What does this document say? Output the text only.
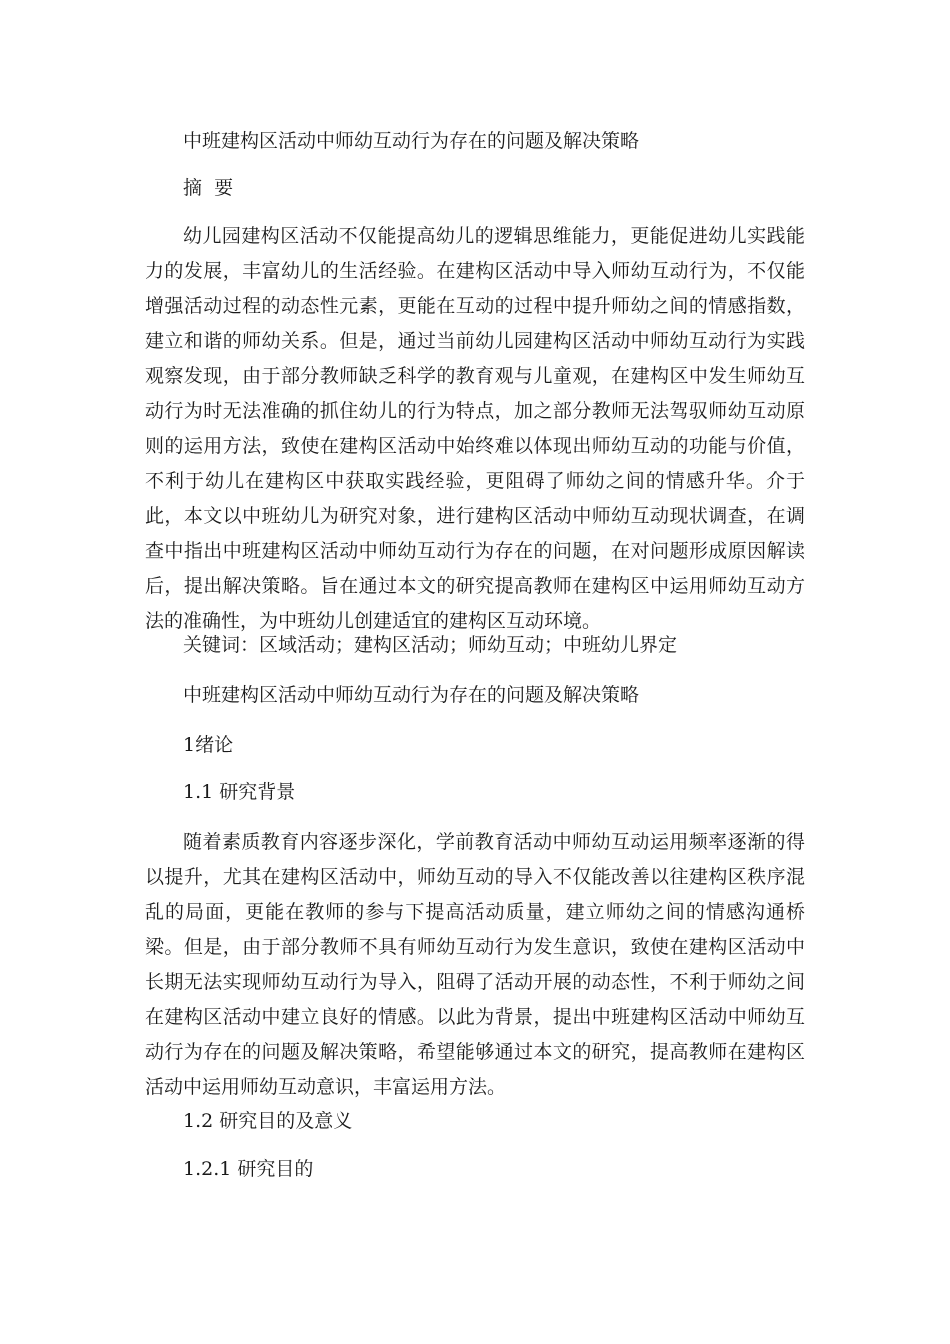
中班建构区活动中师幼互动行为存在的问题及解决策略
摘  要

幼儿园建构区活动不仅能提高幼儿的逻辑思维能力，更能促进幼儿实践能力的发展，丰富幼儿的生活经验。在建构区活动中导入师幼互动行为，不仅能增强活动过程的动态性元素，更能在互动的过程中提升师幼之间的情感指数，建立和谐的师幼关系。但是，通过当前幼儿园建构区活动中师幼互动行为实践观察发现，由于部分教师缺乏科学的教育观与儿童观，在建构区中发生师幼互动行为时无法准确的抓住幼儿的行为特点，加之部分教师无法驾驭师幼互动原则的运用方法，致使在建构区活动中始终难以体现出师幼互动的功能与价值，不利于幼儿在建构区中获取实践经验，更阻碍了师幼之间的情感升华。介于此，本文以中班幼儿为研究对象，进行建构区活动中师幼互动现状调查，在调查中指出中班建构区活动中师幼互动行为存在的问题，在对问题形成原因解读后，提出解决策略。旨在通过本文的研究提高教师在建构区中运用师幼互动方法的准确性，为中班幼儿创建适宜的建构区互动环境。

关键词：区域活动；建构区活动；师幼互动；中班幼儿界定
中班建构区活动中师幼互动行为存在的问题及解决策略
1绪论
1.1 研究背景

随着素质教育内容逐步深化，学前教育活动中师幼互动运用频率逐渐的得以提升，尤其在建构区活动中，师幼互动的导入不仅能改善以往建构区秩序混乱的局面，更能在教师的参与下提高活动质量，建立师幼之间的情感沟通桥梁。但是，由于部分教师不具有师幼互动行为发生意识，致使在建构区活动中长期无法实现师幼互动行为导入，阻碍了活动开展的动态性，不利于师幼之间在建构区活动中建立良好的情感。以此为背景，提出中班建构区活动中师幼互动行为存在的问题及解决策略，希望能够通过本文的研究，提高教师在建构区活动中运用师幼互动意识，丰富运用方法。

1.2 研究目的及意义
1.2.1 研究目的
